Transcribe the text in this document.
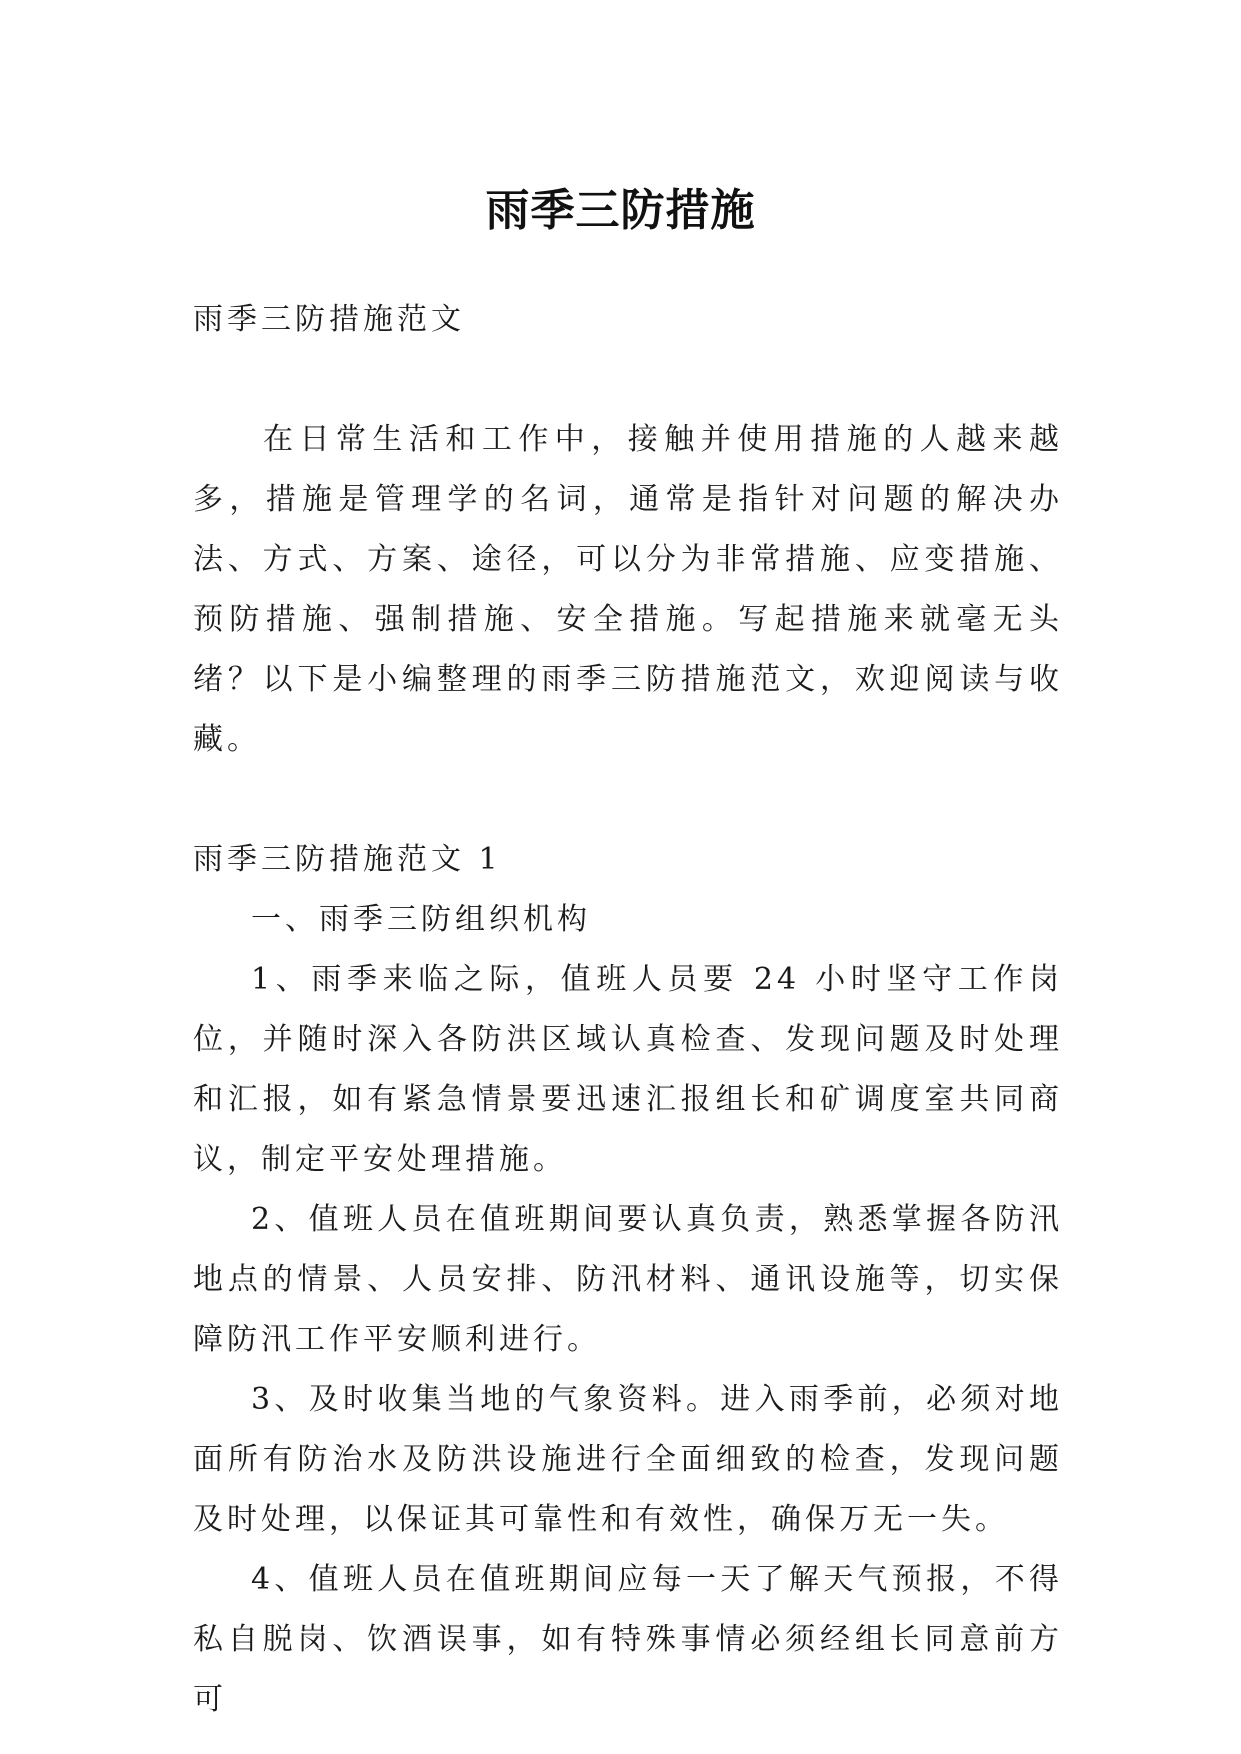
雨季三防措施

雨季三防措施范文

在日常生活和工作中，接触并使用措施的人越来越多，措施是管理学的名词，通常是指针对问题的解决办法、方式、方案、途径，可以分为非常措施、应变措施、预防措施、强制措施、安全措施。写起措施来就毫无头绪？以下是小编整理的雨季三防措施范文，欢迎阅读与收藏。

雨季三防措施范文 1

一、雨季三防组织机构

1、雨季来临之际，值班人员要 24 小时坚守工作岗位，并随时深入各防洪区域认真检查、发现问题及时处理和汇报，如有紧急情景要迅速汇报组长和矿调度室共同商议，制定平安处理措施。

2、值班人员在值班期间要认真负责，熟悉掌握各防汛地点的情景、人员安排、防汛材料、通讯设施等，切实保障防汛工作平安顺利进行。

3、及时收集当地的气象资料。进入雨季前，必须对地面所有防治水及防洪设施进行全面细致的检查，发现问题及时处理，以保证其可靠性和有效性，确保万无一失。

4、值班人员在值班期间应每一天了解天气预报，不得私自脱岗、饮酒误事，如有特殊事情必须经组长同意前方可
